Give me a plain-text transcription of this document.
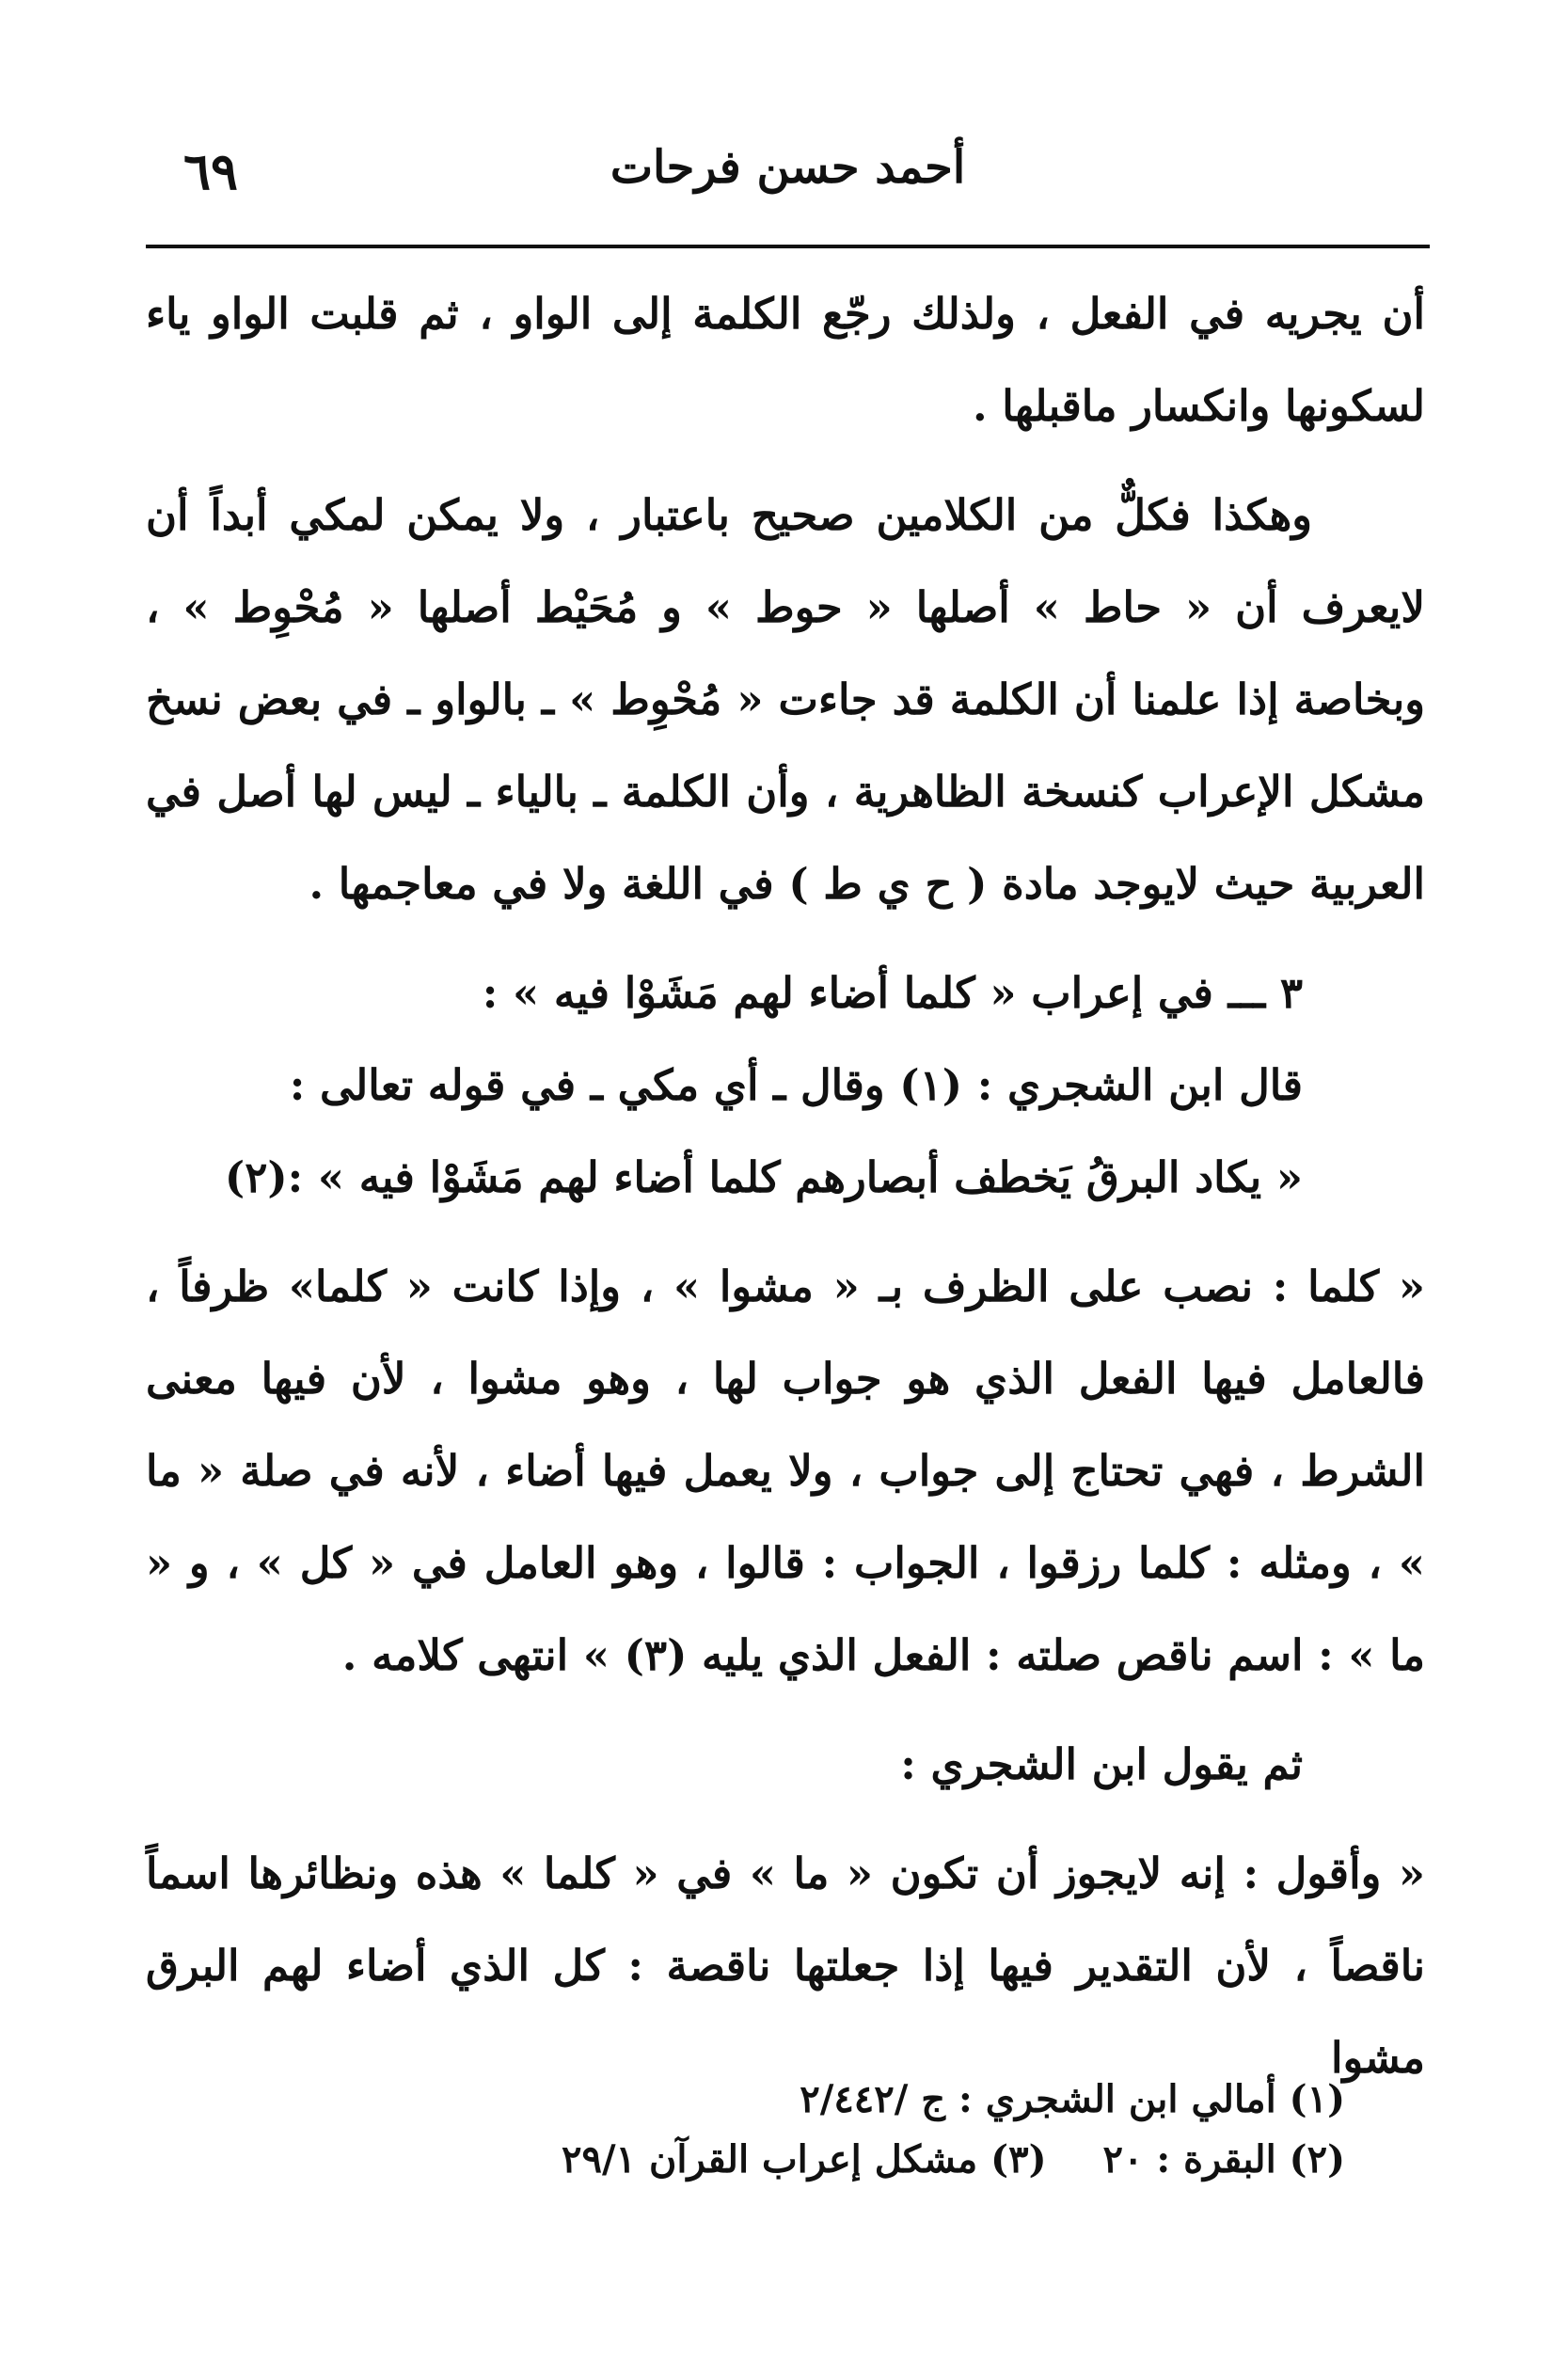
٦٩	أحمد حسن فرحات

أن يجريه في الفعل ، ولذلك رجّع الكلمة إلى الواو ، ثم قلبت الواو ياء لسكونها وانكسار ماقبلها .

وهكذا فكلٌّ من الكلامين صحيح باعتبار ، ولا يمكن لمكي أبداً أن لايعرف أن « حاط » أصلها « حوط » و مُحَيْط أصلها « مُحْوِط » ، وبخاصة إذا علمنا أن الكلمة قد جاءت « مُحْوِط » ـ بالواو ـ في بعض نسخ مشكل الإعراب كنسخة الظاهرية ، وأن الكلمة ـ بالياء ـ ليس لها أصل في العربية حيث لايوجد مادة ( ح ي ط ) في اللغة ولا في معاجمها .

٣ ـــ في إعراب « كلما أضاء لهم مَشَوْا فيه » :

قال ابن الشجري : (١) وقال ـ أي مكي ـ في قوله تعالى :

« يكاد البرقُ يَخطف أبصارهم كلما أضاء لهم مَشَوْا فيه » :(٢)

« كلما : نصب على الظرف بـ « مشوا » ، وإذا كانت « كلما» ظرفاً ، فالعامل فيها الفعل الذي هو جواب لها ، وهو مشوا ، لأن فيها معنى الشرط ، فهي تحتاج إلى جواب ، ولا يعمل فيها أضاء ، لأنه في صلة « ما » ، ومثله : كلما رزقوا ، الجواب : قالوا ، وهو العامل في « كل » ، و « ما » : اسم ناقص صلته : الفعل الذي يليه (٣) » انتهى كلامه .

ثم يقول ابن الشجري :

« وأقول : إنه لايجوز أن تكون « ما » في « كلما » هذه ونظائرها اسماً ناقصاً ، لأن التقدير فيها إذا جعلتها ناقصة : كل الذي أضاء لهم البرق مشوا

(١) أمالي ابن الشجري : ج /٢/٤٤٢
(٢) البقرة : ٢٠
(٣) مشكل إعراب القرآن ٢٩/١
